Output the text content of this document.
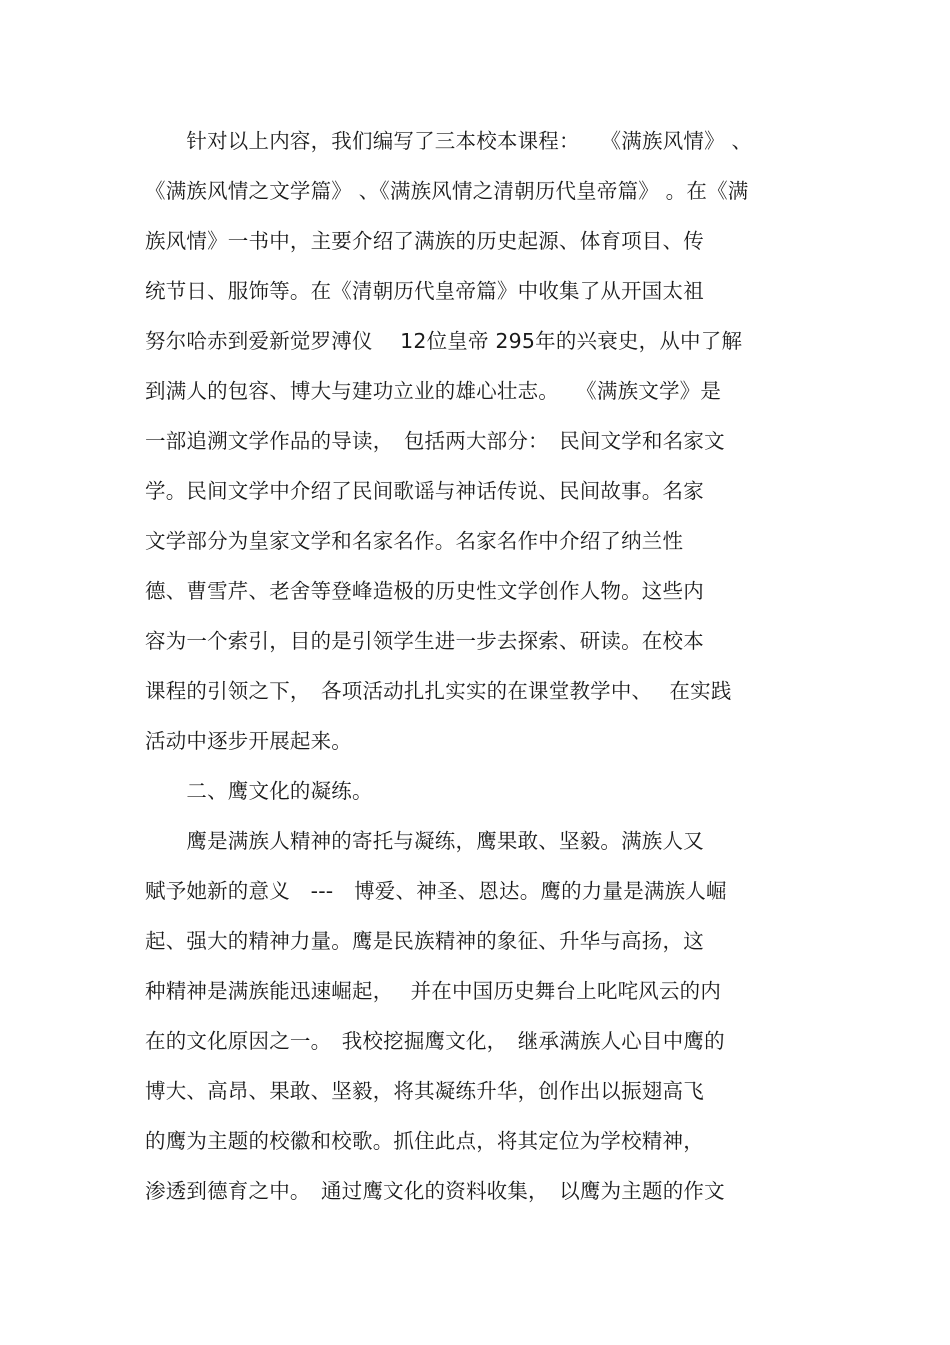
　　针对以上内容，我们编写了三本校本课程：　　《满族风情》 、
《满族风情之文学篇》 、《满族风情之清朝历代皇帝篇》 。在《满
族风情》一书中，主要介绍了满族的历史起源、体育项目、传
统节日、服饰等。在《清朝历代皇帝篇》中收集了从开国太祖
努尔哈赤到爱新觉罗溥仪　 12位皇帝 295年的兴衰史，从中了解
到满人的包容、博大与建功立业的雄心壮志。　 《满族文学》是
一部追溯文学作品的导读，　包括两大部分：　民间文学和名家文
学。民间文学中介绍了民间歌谣与神话传说、民间故事。名家
文学部分为皇家文学和名家名作。名家名作中介绍了纳兰性
德、曹雪芹、老舍等登峰造极的历史性文学创作人物。这些内
容为一个索引，目的是引领学生进一步去探索、研读。在校本
课程的引领之下，　各项活动扎扎实实的在课堂教学中、　 在实践
活动中逐步开展起来。
　　二、鹰文化的凝练。
　　鹰是满族人精神的寄托与凝练，鹰果敢、坚毅。满族人又
赋予她新的意义　---　博爱、神圣、恩达。鹰的力量是满族人崛
起、强大的精神力量。鹰是民族精神的象征、升华与高扬，这
种精神是满族能迅速崛起，　 并在中国历史舞台上叱咤风云的内
在的文化原因之一。　我校挖掘鹰文化，　继承满族人心目中鹰的
博大、高昂、果敢、坚毅，将其凝练升华，创作出以振翅高飞
的鹰为主题的校徽和校歌。抓住此点，将其定位为学校精神，
渗透到德育之中。　通过鹰文化的资料收集，　以鹰为主题的作文
